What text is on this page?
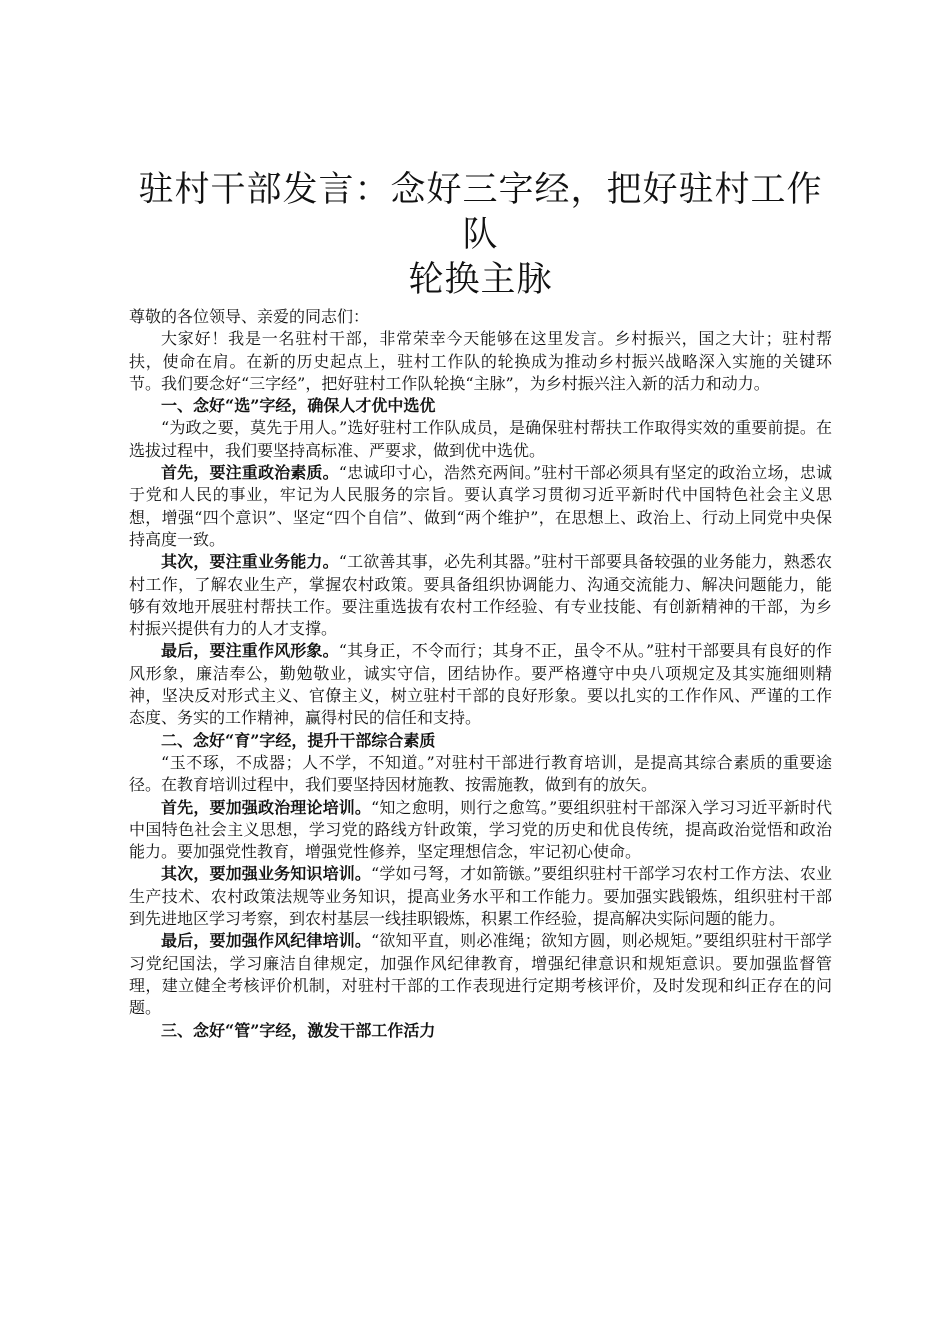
驻村干部发言：念好三字经，把好驻村工作队
轮换主脉

尊敬的各位领导、亲爱的同志们：

大家好！我是一名驻村干部，非常荣幸今天能够在这里发言。乡村振兴，国之大计；驻村帮扶，使命在肩。在新的历史起点上，驻村工作队的轮换成为推动乡村振兴战略深入实施的关键环节。我们要念好“三字经”，把好驻村工作队轮换“主脉”，为乡村振兴注入新的活力和动力。

一、念好“选”字经，确保人才优中选优

“为政之要，莫先于用人。”选好驻村工作队成员，是确保驻村帮扶工作取得实效的重要前提。在选拔过程中，我们要坚持高标准、严要求，做到优中选优。

首先，要注重政治素质。“忠诚印寸心，浩然充两间。”驻村干部必须具有坚定的政治立场，忠诚于党和人民的事业，牢记为人民服务的宗旨。要认真学习贯彻习近平新时代中国特色社会主义思想，增强“四个意识”、坚定“四个自信”、做到“两个维护”，在思想上、政治上、行动上同党中央保持高度一致。

其次，要注重业务能力。“工欲善其事，必先利其器。”驻村干部要具备较强的业务能力，熟悉农村工作，了解农业生产，掌握农村政策。要具备组织协调能力、沟通交流能力、解决问题能力，能够有效地开展驻村帮扶工作。要注重选拔有农村工作经验、有专业技能、有创新精神的干部，为乡村振兴提供有力的人才支撑。

最后，要注重作风形象。“其身正，不令而行；其身不正，虽令不从。”驻村干部要具有良好的作风形象，廉洁奉公，勤勉敬业，诚实守信，团结协作。要严格遵守中央八项规定及其实施细则精神，坚决反对形式主义、官僚主义，树立驻村干部的良好形象。要以扎实的工作作风、严谨的工作态度、务实的工作精神，赢得村民的信任和支持。

二、念好“育”字经，提升干部综合素质

“玉不琢，不成器；人不学，不知道。”对驻村干部进行教育培训，是提高其综合素质的重要途径。在教育培训过程中，我们要坚持因材施教、按需施教，做到有的放矢。

首先，要加强政治理论培训。“知之愈明，则行之愈笃。”要组织驻村干部深入学习习近平新时代中国特色社会主义思想，学习党的路线方针政策，学习党的历史和优良传统，提高政治觉悟和政治能力。要加强党性教育，增强党性修养，坚定理想信念，牢记初心使命。

其次，要加强业务知识培训。“学如弓弩，才如箭镞。”要组织驻村干部学习农村工作方法、农业生产技术、农村政策法规等业务知识，提高业务水平和工作能力。要加强实践锻炼，组织驻村干部到先进地区学习考察，到农村基层一线挂职锻炼，积累工作经验，提高解决实际问题的能力。

最后，要加强作风纪律培训。“欲知平直，则必准绳；欲知方圆，则必规矩。”要组织驻村干部学习党纪国法，学习廉洁自律规定，加强作风纪律教育，增强纪律意识和规矩意识。要加强监督管理，建立健全考核评价机制，对驻村干部的工作表现进行定期考核评价，及时发现和纠正存在的问题。

三、念好“管”字经，激发干部工作活力
